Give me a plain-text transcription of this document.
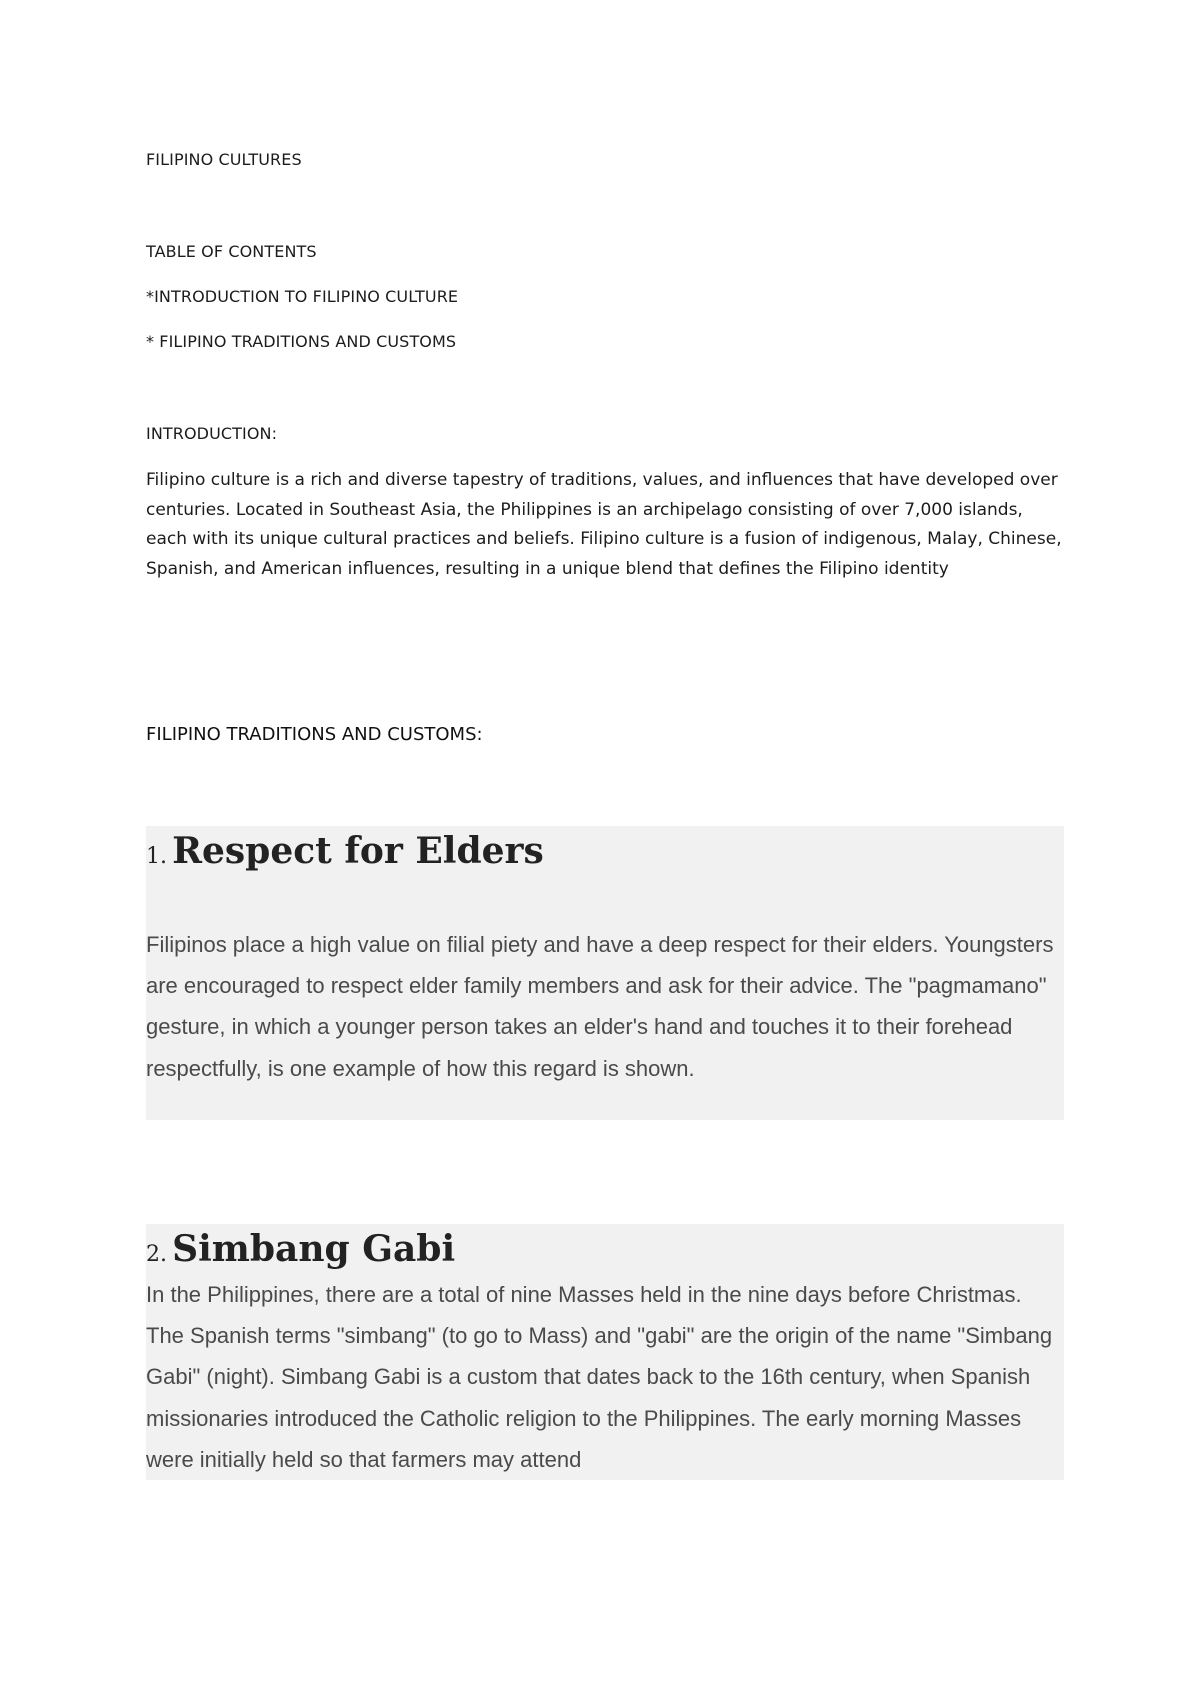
FILIPINO CULTURES
TABLE OF CONTENTS
*INTRODUCTION TO FILIPINO CULTURE
* FILIPINO TRADITIONS AND CUSTOMS
INTRODUCTION:
Filipino culture is a rich and diverse tapestry of traditions, values, and influences that have developed over centuries. Located in Southeast Asia, the Philippines is an archipelago consisting of over 7,000 islands, each with its unique cultural practices and beliefs. Filipino culture is a fusion of indigenous, Malay, Chinese, Spanish, and American influences, resulting in a unique blend that defines the Filipino identity
FILIPINO TRADITIONS AND CUSTOMS:
1. Respect for Elders
Filipinos place a high value on filial piety and have a deep respect for their elders. Youngsters are encouraged to respect elder family members and ask for their advice. The "pagmamano" gesture, in which a younger person takes an elder's hand and touches it to their forehead respectfully, is one example of how this regard is shown.
2. Simbang Gabi
In the Philippines, there are a total of nine Masses held in the nine days before Christmas. The Spanish terms "simbang" (to go to Mass) and "gabi" are the origin of the name "Simbang Gabi" (night). Simbang Gabi is a custom that dates back to the 16th century, when Spanish missionaries introduced the Catholic religion to the Philippines. The early morning Masses were initially held so that farmers may attend
